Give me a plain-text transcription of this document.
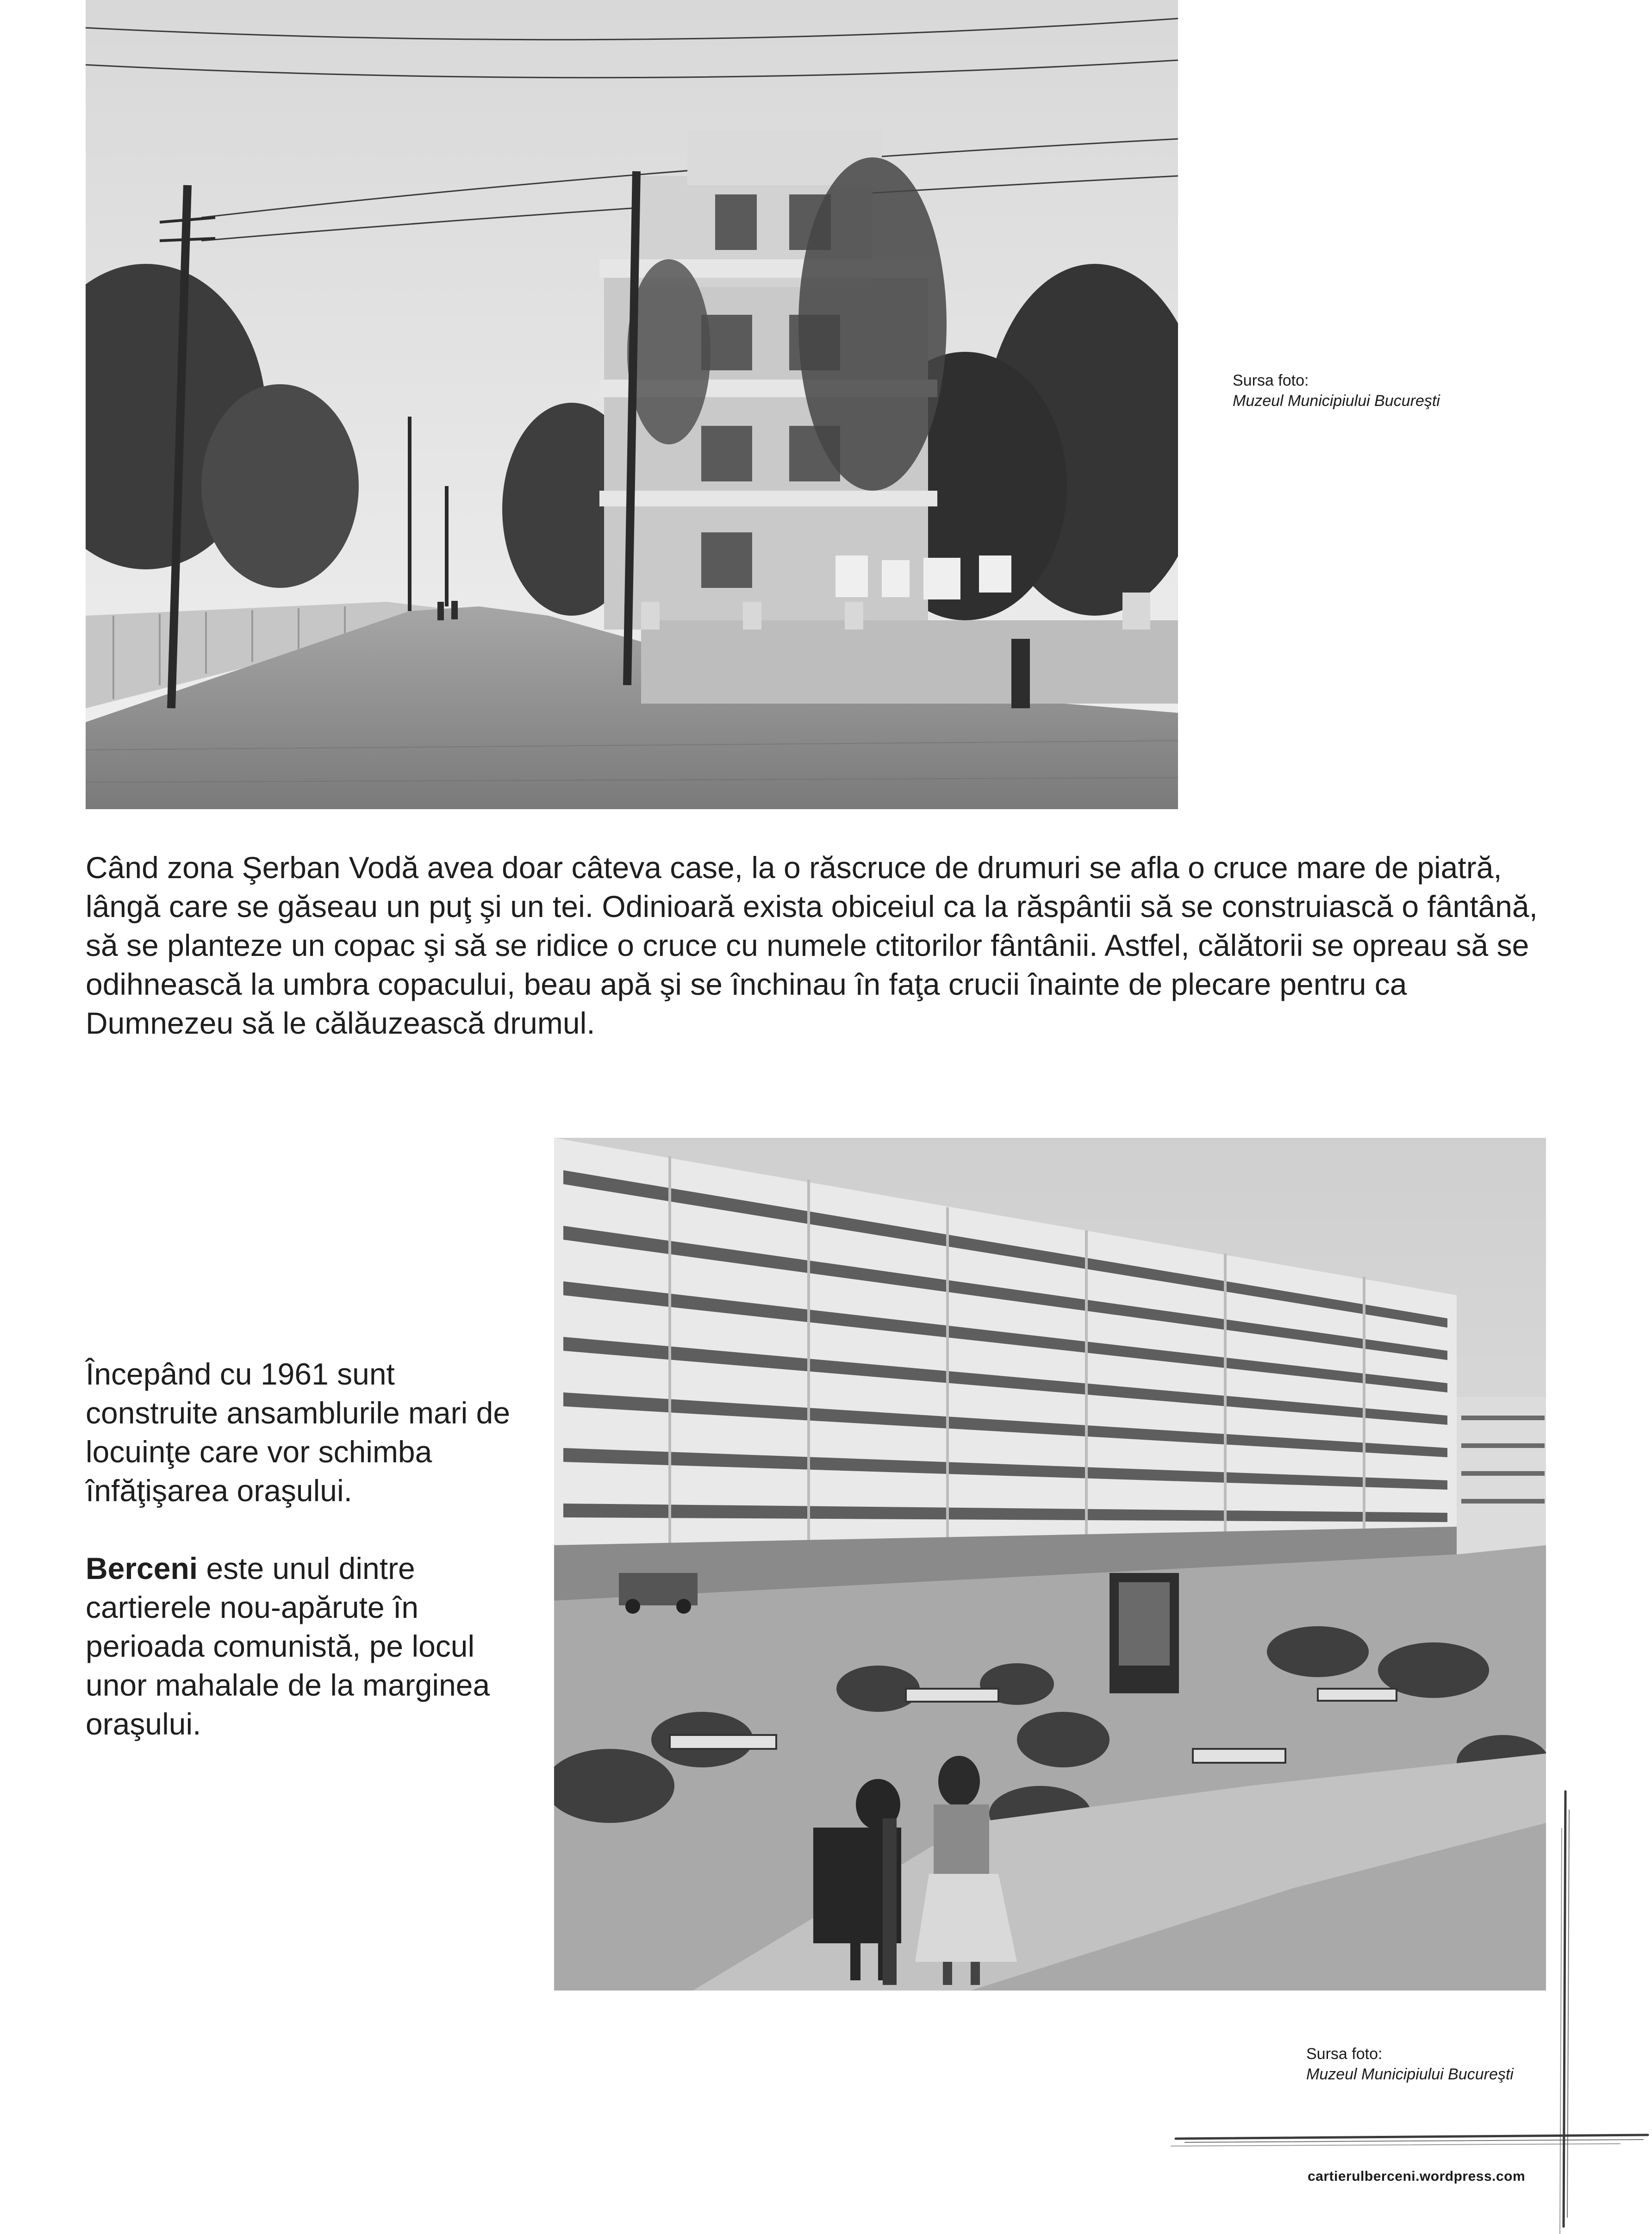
Sursa foto:
Muzeul Municipiului Bucureşti

Când zona Şerban Vodă avea doar câteva case, la o răscruce de drumuri se afla o cruce mare de piatră, lângă care se găseau un puţ şi un tei. Odinioară exista obiceiul ca la răspântii să se construiască o fântână, să se planteze un copac şi să se ridice o cruce cu numele ctitorilor fântânii. Astfel, călătorii se opreau să se odihnească la umbra copacului, beau apă şi se închinau în faţa crucii înainte de plecare pentru ca Dumnezeu să le călăuzească drumul.

Începând cu 1961 sunt construite ansamblurile mari de locuinţe care vor schimba înfăţişarea oraşului.

Berceni este unul dintre cartierele nou-apărute în perioada comunistă, pe locul unor mahalale de la marginea oraşului.

Sursa foto:
Muzeul Municipiului Bucureşti
cartierulberceni.wordpress.com
